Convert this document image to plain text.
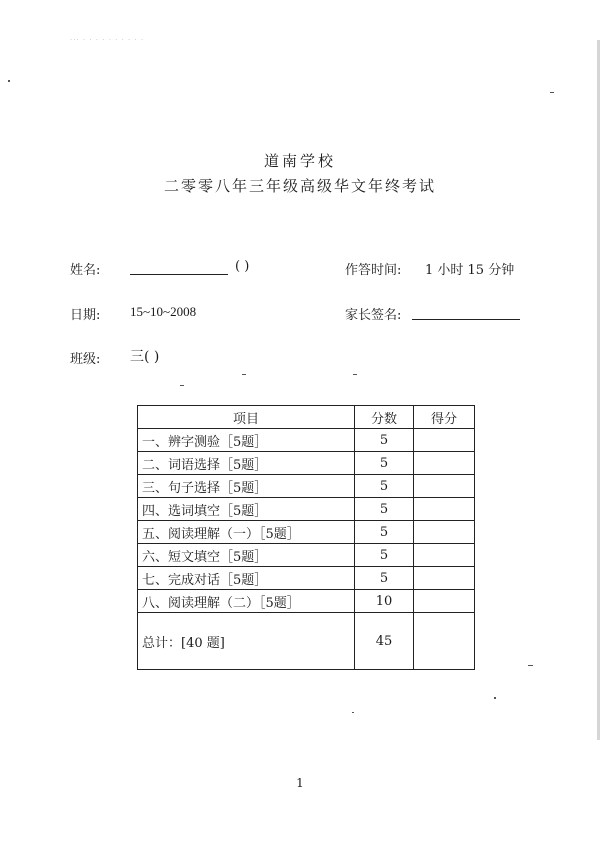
··· · · · · · · · · · ·
道南学校
二零零八年三年级高级华文年终考试
姓名:	( )	作答时间: 1 小时 15 分钟
日期: 15~10~2008	家长签名:
班级: 三( )
项目	分数	得分
一、辨字测验［5题］	5	
二、词语选择［5题］	5	
三、句子选择［5题］	5	
四、选词填空［5题］	5	
五、阅读理解（一）［5题］	5	
六、短文填空［5题］	5	
七、完成对话［5题］	5	
八、阅读理解（二）［5题］	10	
总计：[40 题]	45	
1
